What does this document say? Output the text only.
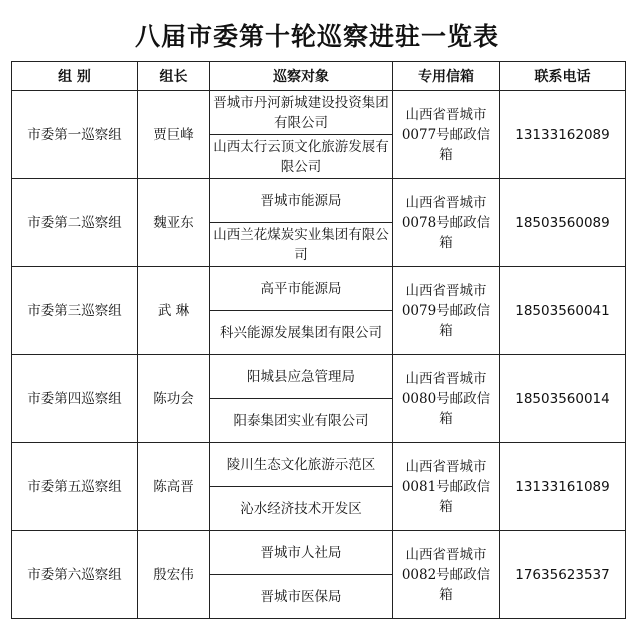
八届市委第十轮巡察进驻一览表
组 别	组长	巡察对象	专用信箱	联系电话
市委第一巡察组	贾巨峰	晋城市丹河新城建设投资集团有限公司	山西省晋城市0077号邮政信箱	13133162089
		山西太行云顶文化旅游发展有限公司		
市委第二巡察组	魏亚东	晋城市能源局	山西省晋城市0078号邮政信箱	18503560089
		山西兰花煤炭实业集团有限公司		
市委第三巡察组	武 琳	高平市能源局	山西省晋城市0079号邮政信箱	18503560041
		科兴能源发展集团有限公司		
市委第四巡察组	陈功会	阳城县应急管理局	山西省晋城市0080号邮政信箱	18503560014
		阳泰集团实业有限公司		
市委第五巡察组	陈高晋	陵川生态文化旅游示范区	山西省晋城市0081号邮政信箱	13133161089
		沁水经济技术开发区		
市委第六巡察组	殷宏伟	晋城市人社局	山西省晋城市0082号邮政信箱	17635623537
		晋城市医保局		
